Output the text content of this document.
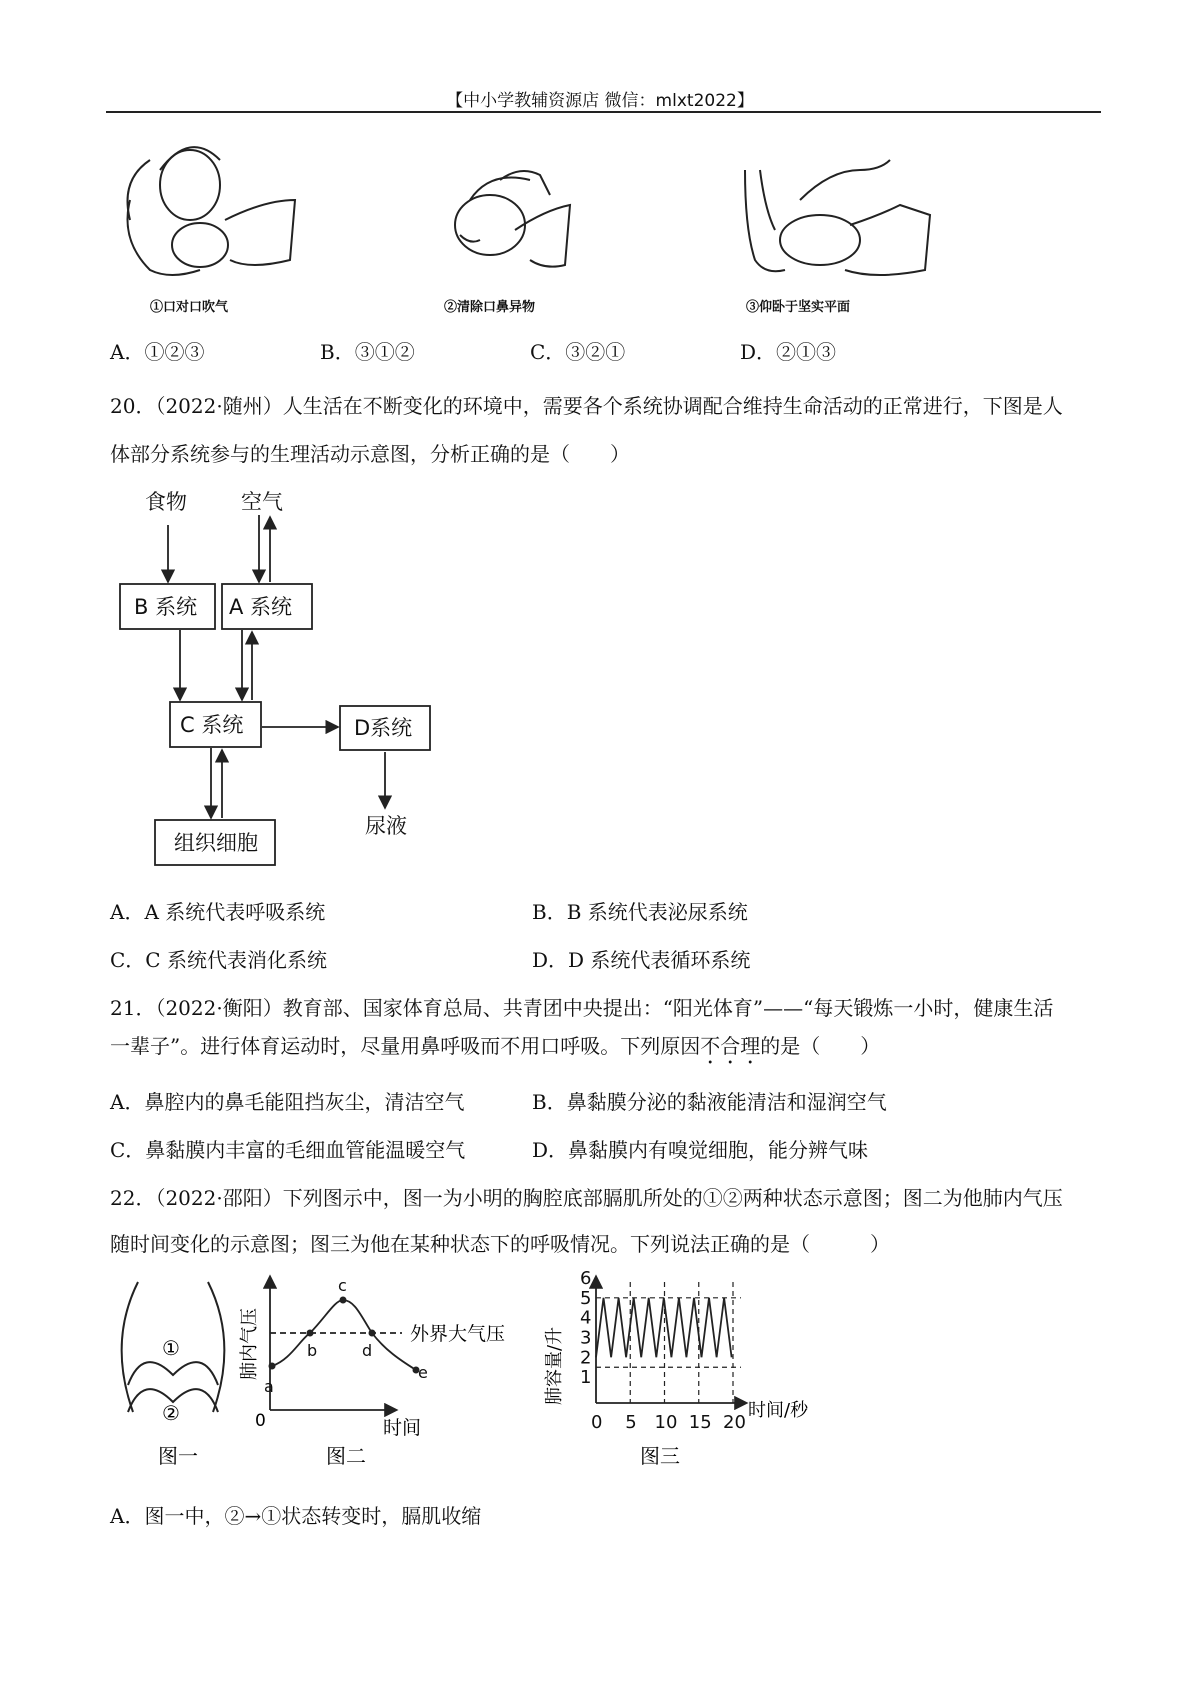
【中小学教辅资源店 微信：mlxt2022】
①口对口吹气	②清除口鼻异物	③仰卧于坚实平面
A．①②③	B．③①②	C．③②①	D．②①③
20．（2022·随州）人生活在不断变化的环境中，需要各个系统协调配合维持生命活动的正常进行，下图是人
体部分系统参与的生理活动示意图，分析正确的是（　　）
食物	空气
B 系统 A 系统
C 系统	D系统
组织细胞
尿液
A．A 系统代表呼吸系统	B．B 系统代表泌尿系统
C．C 系统代表消化系统	D．D 系统代表循环系统
21．（2022·衡阳）教育部、国家体育总局、共青团中央提出：“阳光体育”——“每天锻炼一小时，健康生活
一辈子”。进行体育运动时，尽量用鼻呼吸而不用口呼吸。下列原因不合理的是（　　）
A．鼻腔内的鼻毛能阻挡灰尘，清洁空气	B．鼻黏膜分泌的黏液能清洁和湿润空气
C．鼻黏膜内丰富的毛细血管能温暖空气	D．鼻黏膜内有嗅觉细胞，能分辨气味
22．（2022·邵阳）下列图示中，图一为小明的胸腔底部膈肌所处的①②两种状态示意图；图二为他肺内气压
随时间变化的示意图；图三为他在某种状态下的呼吸情况。下列说法正确的是（　　　）
①
②
图一
a
b
c
d
e
0	时间
外界大气压
肺内气压
图二
1
2
3
4
5
6
0 5 10 15 20
肺容量/升
时间/秒
图三
A．图一中，②→①状态转变时，膈肌收缩
